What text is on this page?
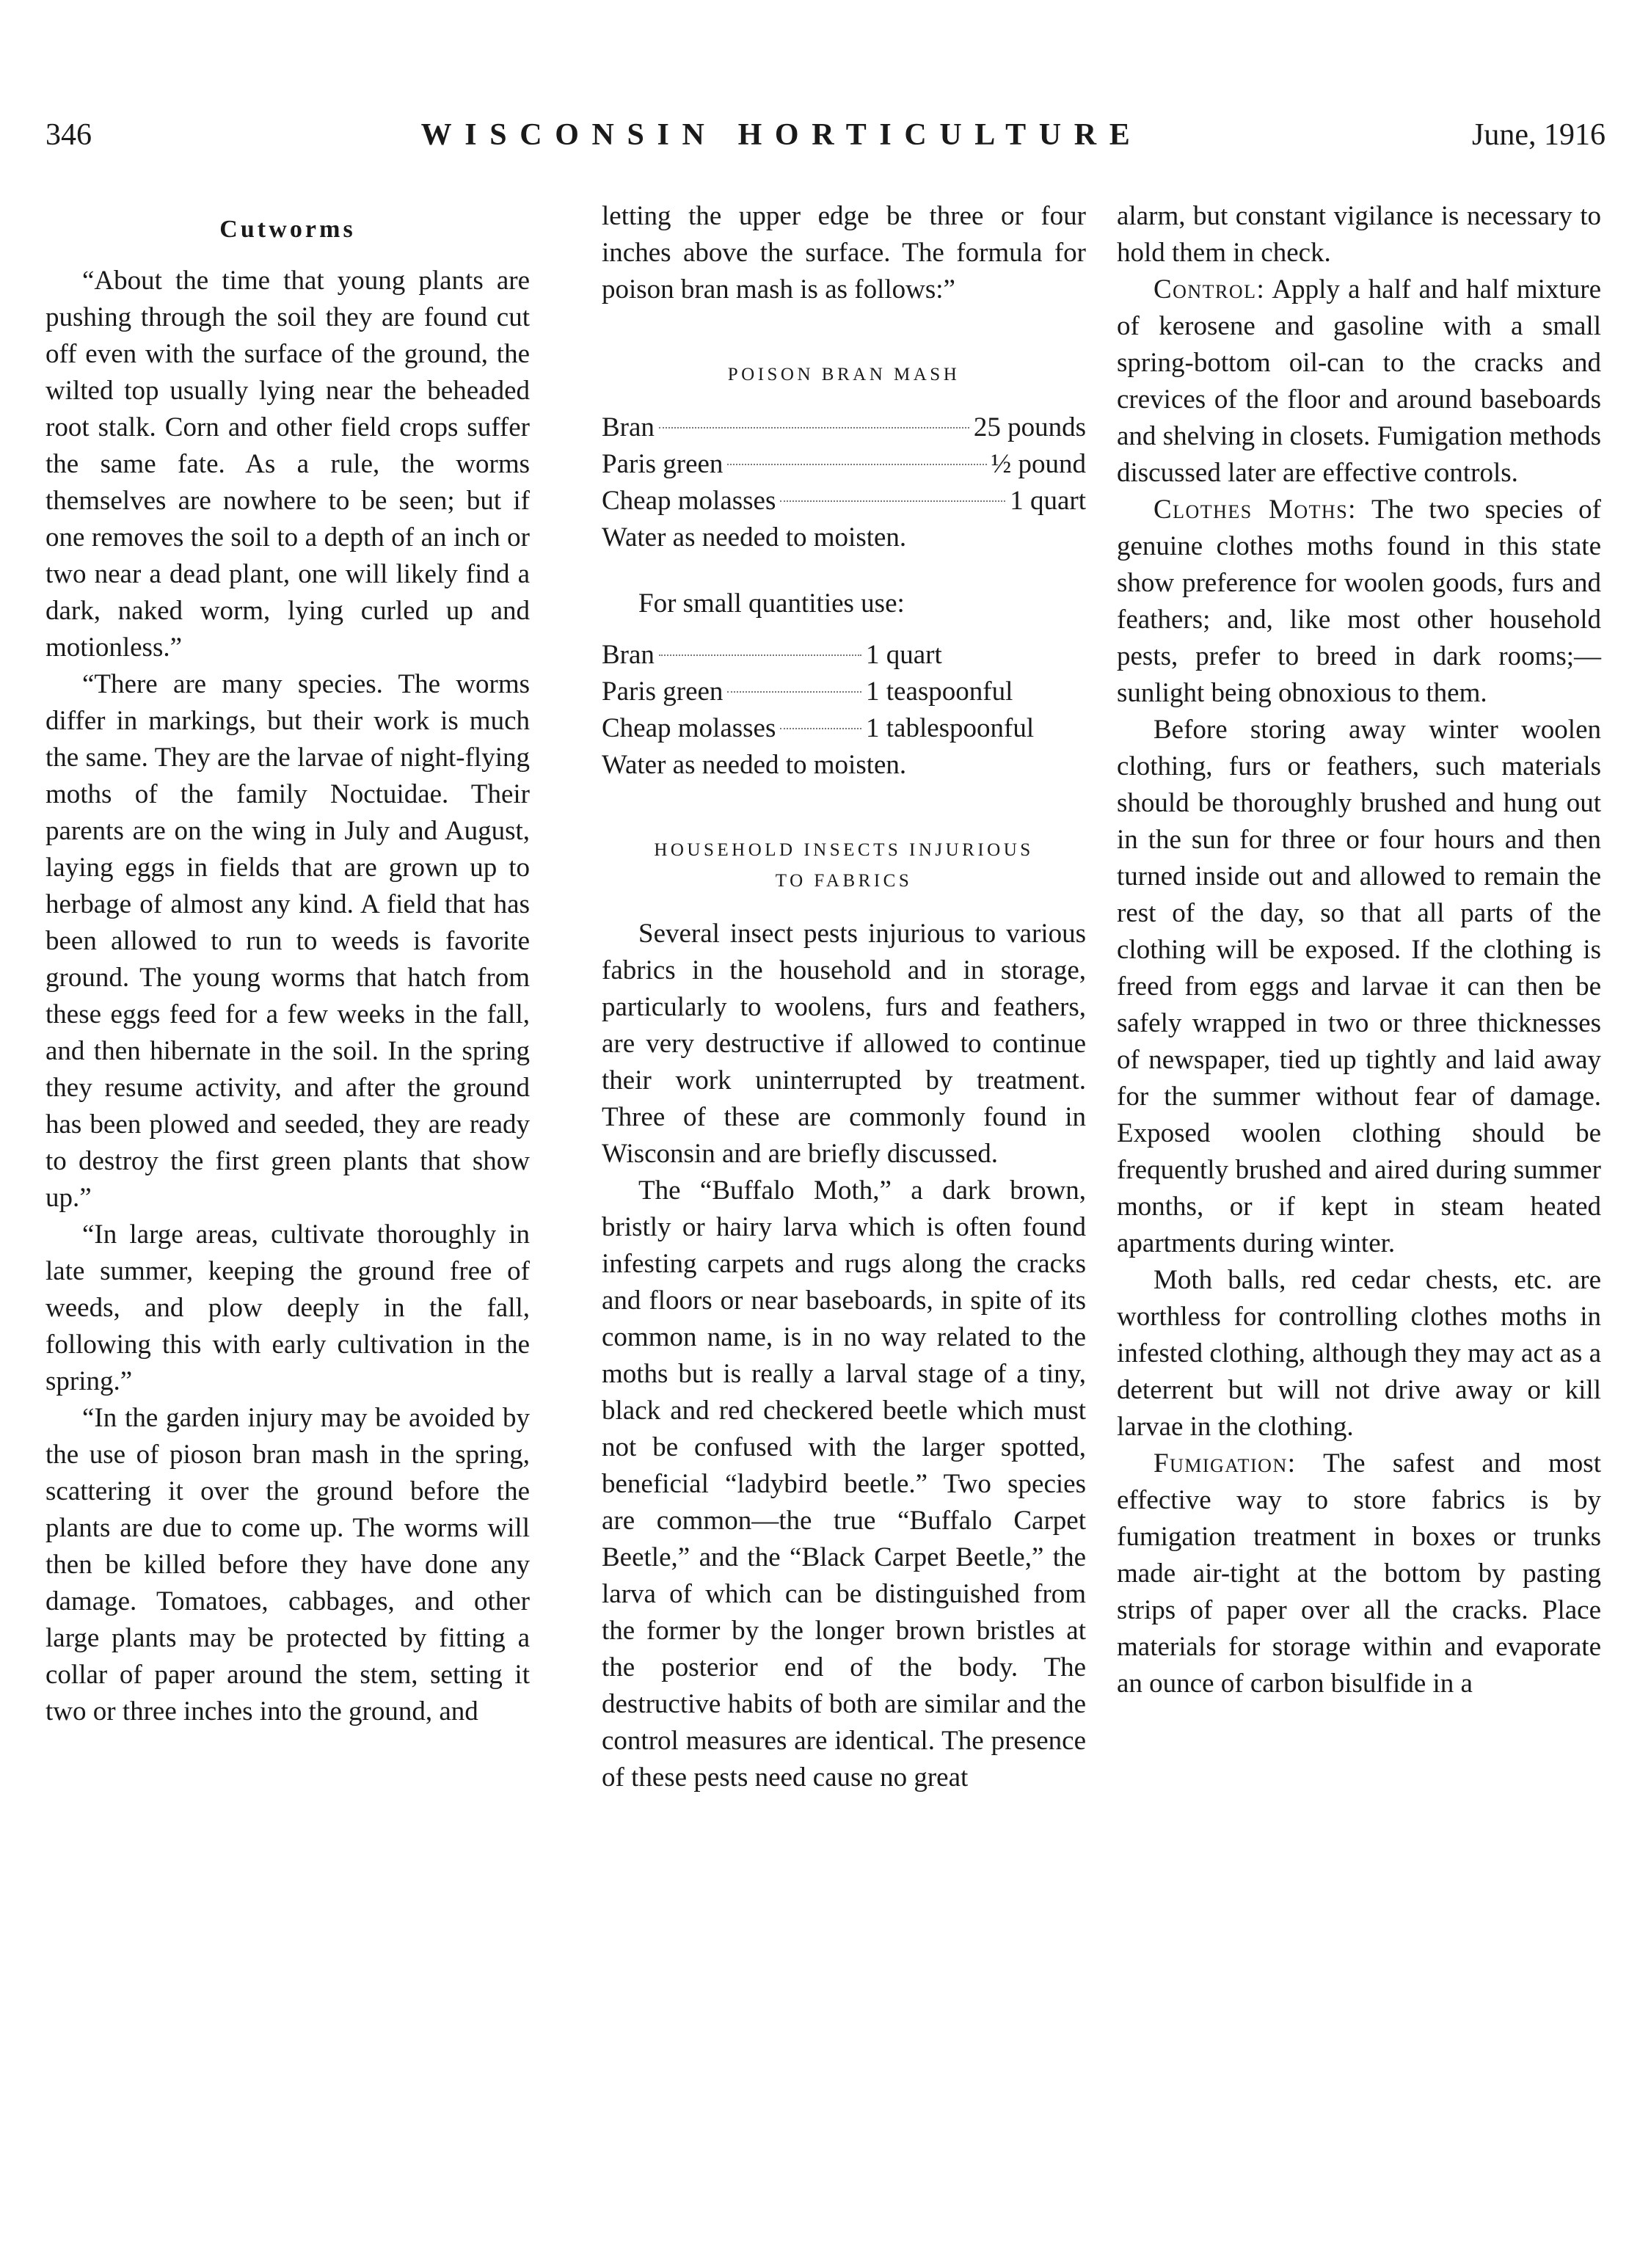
346	WISCONSIN HORTICULTURE	June, 1916
Cutworms

“About the time that young plants are pushing through the soil they are found cut off even with the surface of the ground, the wilted top usually lying near the beheaded root stalk. Corn and other field crops suffer the same fate. As a rule, the worms themselves are nowhere to be seen; but if one removes the soil to a depth of an inch or two near a dead plant, one will likely find a dark, naked worm, lying curled up and motionless.”

“There are many species. The worms differ in markings, but their work is much the same. They are the larvae of night-flying moths of the family Noctuidae. Their parents are on the wing in July and August, laying eggs in fields that are grown up to herbage of almost any kind. A field that has been allowed to run to weeds is favorite ground. The young worms that hatch from these eggs feed for a few weeks in the fall, and then hibernate in the soil. In the spring they resume activity, and after the ground has been plowed and seeded, they are ready to destroy the first green plants that show up.”

“In large areas, cultivate thoroughly in late summer, keeping the ground free of weeds, and plow deeply in the fall, following this with early cultivation in the spring.”

“In the garden injury may be avoided by the use of pioson bran mash in the spring, scattering it over the ground before the plants are due to come up. The worms will then be killed before they have done any damage. Tomatoes, cabbages, and other large plants may be protected by fitting a collar of paper around the stem, setting it two or three inches into the ground, and

letting the upper edge be three or four inches above the surface. The formula for poison bran mash is as follows:”

POISON BRAN MASH
Bran	25 pounds
Paris green	½ pound
Cheap molasses	1 quart
Water as needed to moisten.

For small quantities use:

Bran	1 quart
Paris green	1 teaspoonful
Cheap molasses	1 tablespoonful
Water as needed to moisten.
HOUSEHOLD INSECTS INJURIOUS
TO FABRICS

Several insect pests injurious to various fabrics in the household and in storage, particularly to woolens, furs and feathers, are very destructive if allowed to continue their work uninterrupted by treatment. Three of these are commonly found in Wisconsin and are briefly discussed.

The “Buffalo Moth,” a dark brown, bristly or hairy larva which is often found infesting carpets and rugs along the cracks and floors or near baseboards, in spite of its common name, is in no way related to the moths but is really a larval stage of a tiny, black and red checkered beetle which must not be confused with the larger spotted, beneficial “ladybird beetle.” Two species are common—the true “Buffalo Carpet Beetle,” and the “Black Carpet Beetle,” the larva of which can be distinguished from the former by the longer brown bristles at the posterior end of the body. The destructive habits of both are similar and the control measures are identical. The presence of these pests need cause no great

alarm, but constant vigilance is necessary to hold them in check.

Control: Apply a half and half mixture of kerosene and gasoline with a small spring-bottom oil-can to the cracks and crevices of the floor and around baseboards and shelving in closets. Fumigation methods discussed later are effective controls.

Clothes Moths: The two species of genuine clothes moths found in this state show preference for woolen goods, furs and feathers; and, like most other household pests, prefer to breed in dark rooms;—sunlight being obnoxious to them.

Before storing away winter woolen clothing, furs or feathers, such materials should be thoroughly brushed and hung out in the sun for three or four hours and then turned inside out and allowed to remain the rest of the day, so that all parts of the clothing will be exposed. If the clothing is freed from eggs and larvae it can then be safely wrapped in two or three thicknesses of newspaper, tied up tightly and laid away for the summer without fear of damage. Exposed woolen clothing should be frequently brushed and aired during summer months, or if kept in steam heated apartments during winter.

Moth balls, red cedar chests, etc. are worthless for controlling clothes moths in infested clothing, although they may act as a deterrent but will not drive away or kill larvae in the clothing.

Fumigation: The safest and most effective way to store fabrics is by fumigation treatment in boxes or trunks made air-tight at the bottom by pasting strips of paper over all the cracks. Place materials for storage within and evaporate an ounce of carbon bisulfide in a
